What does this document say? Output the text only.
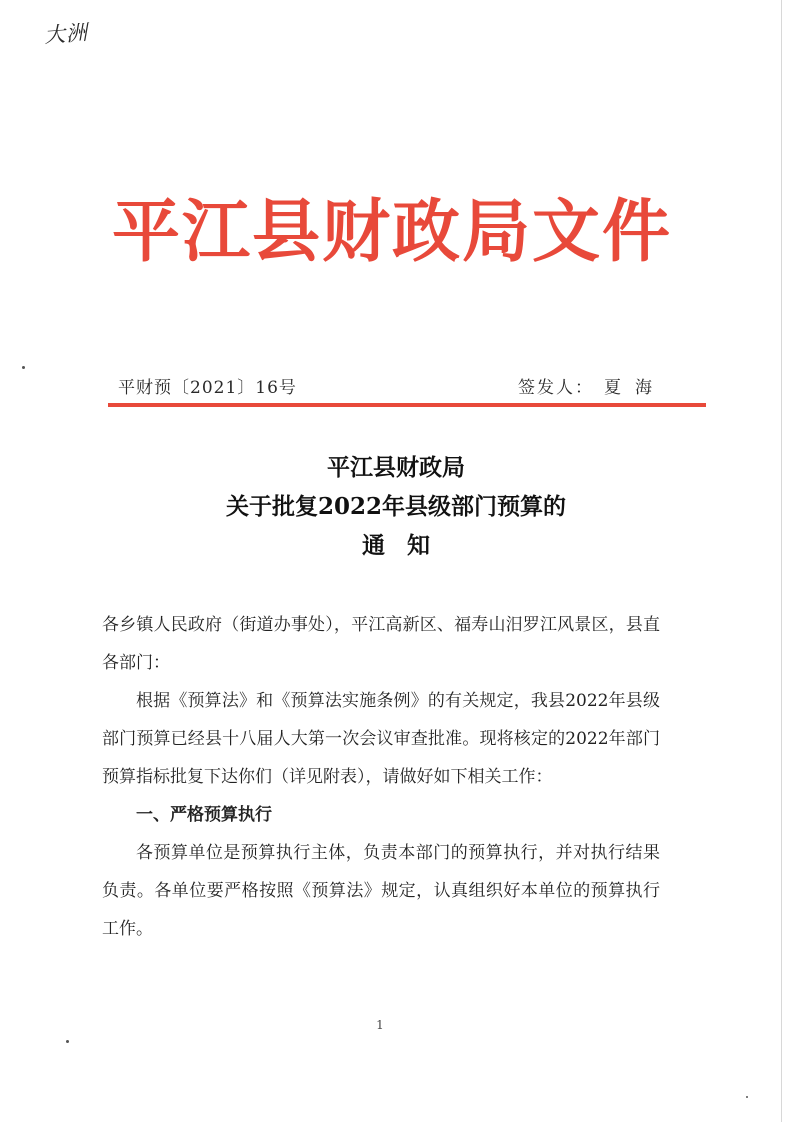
大洲
平江县财政局文件
平财预〔2021〕16号	签发人： 夏海
平江县财政局
关于批复2022年县级部门预算的
通知

各乡镇人民政府（街道办事处），平江高新区、福寿山汨罗江风景区，县直各部门：

根据《预算法》和《预算法实施条例》的有关规定，我县2022年县级部门预算已经县十八届人大第一次会议审查批准。现将核定的2022年部门预算指标批复下达你们（详见附表），请做好如下相关工作：

一、严格预算执行

各预算单位是预算执行主体，负责本部门的预算执行，并对执行结果负责。各单位要严格按照《预算法》规定，认真组织好本单位的预算执行工作。

1
